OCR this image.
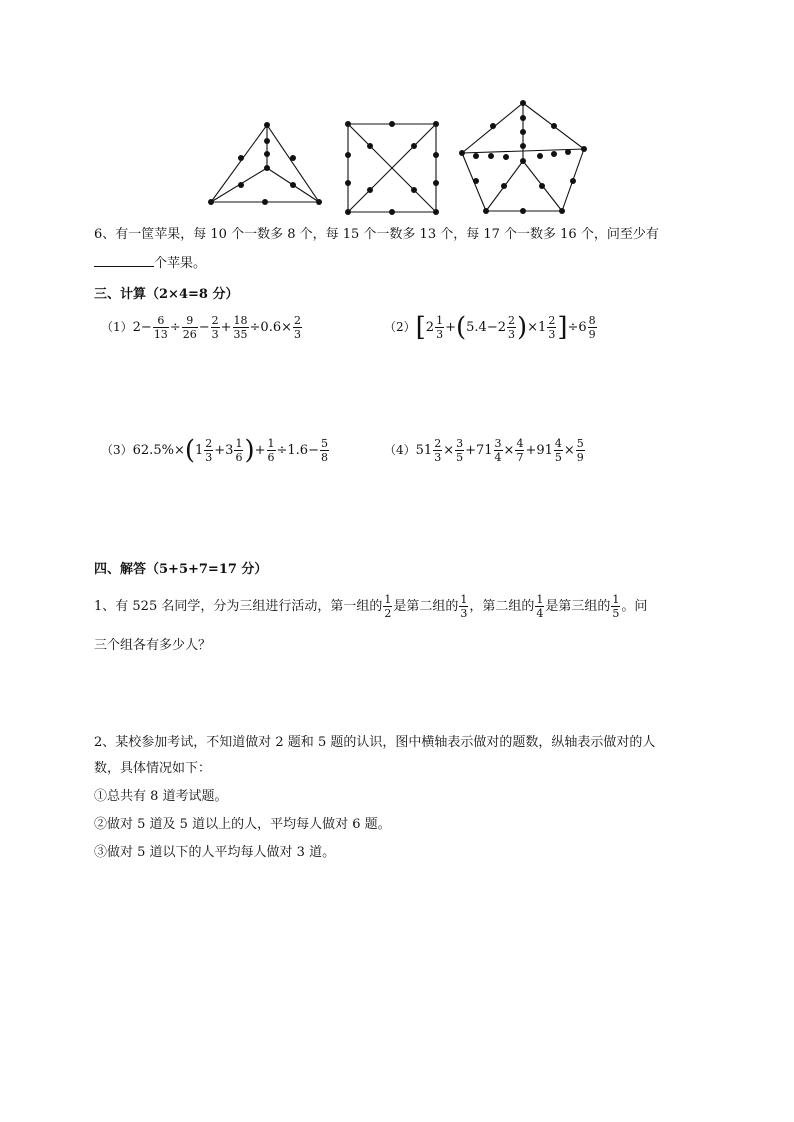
6、有一筐苹果，每 10 个一数多 8 个，每 15 个一数多 13 个，每 17 个一数多 16 个，问至少有
个苹果。
三、计算（2×4=8 分）
$(1)2- \frac{6}{13} \div \frac{9}{26} - \frac{2}{3} + \frac{18}{35} \div 0.6\times \frac{2}{3}$	$(2)[2 \frac{1}{3} +(5.4-2 \frac{2}{3} )\times 1 \frac{2}{3} ]\div 6 \frac{8}{9}$
$(3)62.5\%\times(1 \frac{2}{3} +3 \frac{1}{6}$ )+ $\frac{1}{6} \div 1.6- \frac{5}{8}$	$(4)51 \frac{2}{3} \times \frac{3}{5} +71 \frac{3}{4} \times \frac{4}{7} +91 \frac{4}{5} \times \frac{5}{9}$
四、解答（5+5+7=17 分）
1、有 525 名同学，分为三组进行活动，第一组的 $\frac{1}{2}$ 是第二组的 $\frac{1}{3}$ ，第二组的 $\frac{1}{4}$ 是第三组的 $\frac{1}{5}$ 。问
三个组各有多少人？
2、某校参加考试，不知道做对 2 题和 5 题的认识，图中横轴表示做对的题数，纵轴表示做对的人
数，具体情况如下：
①总共有 8 道考试题。
②做对 5 道及 5 道以上的人，平均每人做对 6 题。
③做对 5 道以下的人平均每人做对 3 道。
